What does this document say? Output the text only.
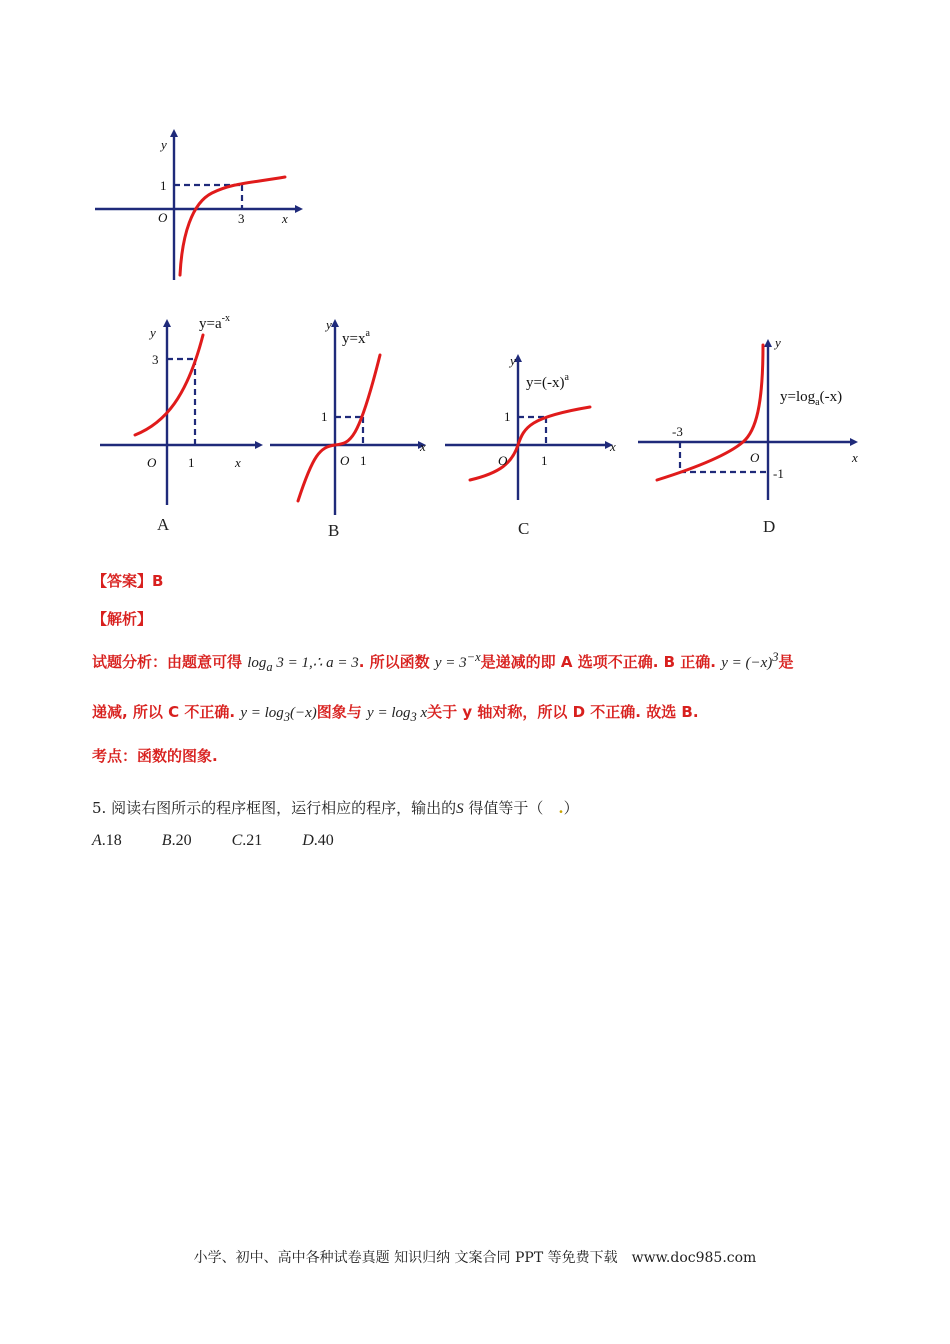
y
x
O
1
3
y
x
O
3
1
$y=a^{-x}$
A
y
x
O
1
1
$y=x^a$
B
y
x
O
1
1
$y=(-x)^a$
C
y
x
O
-3
-1
$y=\log_a(-x)$
D
【答案】B
【解析】
试题分析：由题意可得 $\log_a 3$ = 1,∴ a = 3. 所以函数 $y = 3^{-x}$是递减的即 A 选项不正确. B 正确. $y = (-x)^3$是
递减, 所以 C 不正确. $y = \log_3(-x)$图象与 $y = \log_3 x$关于 y 轴对称，所以 D 不正确. 故选 B.
考点：函数的图象.
5. 阅读右图所示的程序框图，运行相应的程序，输出的S 得值等于（　.）
A.18	B.20	C.21	D.40
小学、初中、高中各种试卷真题 知识归纳 文案合同 PPT 等免费下载　www.doc985.com
